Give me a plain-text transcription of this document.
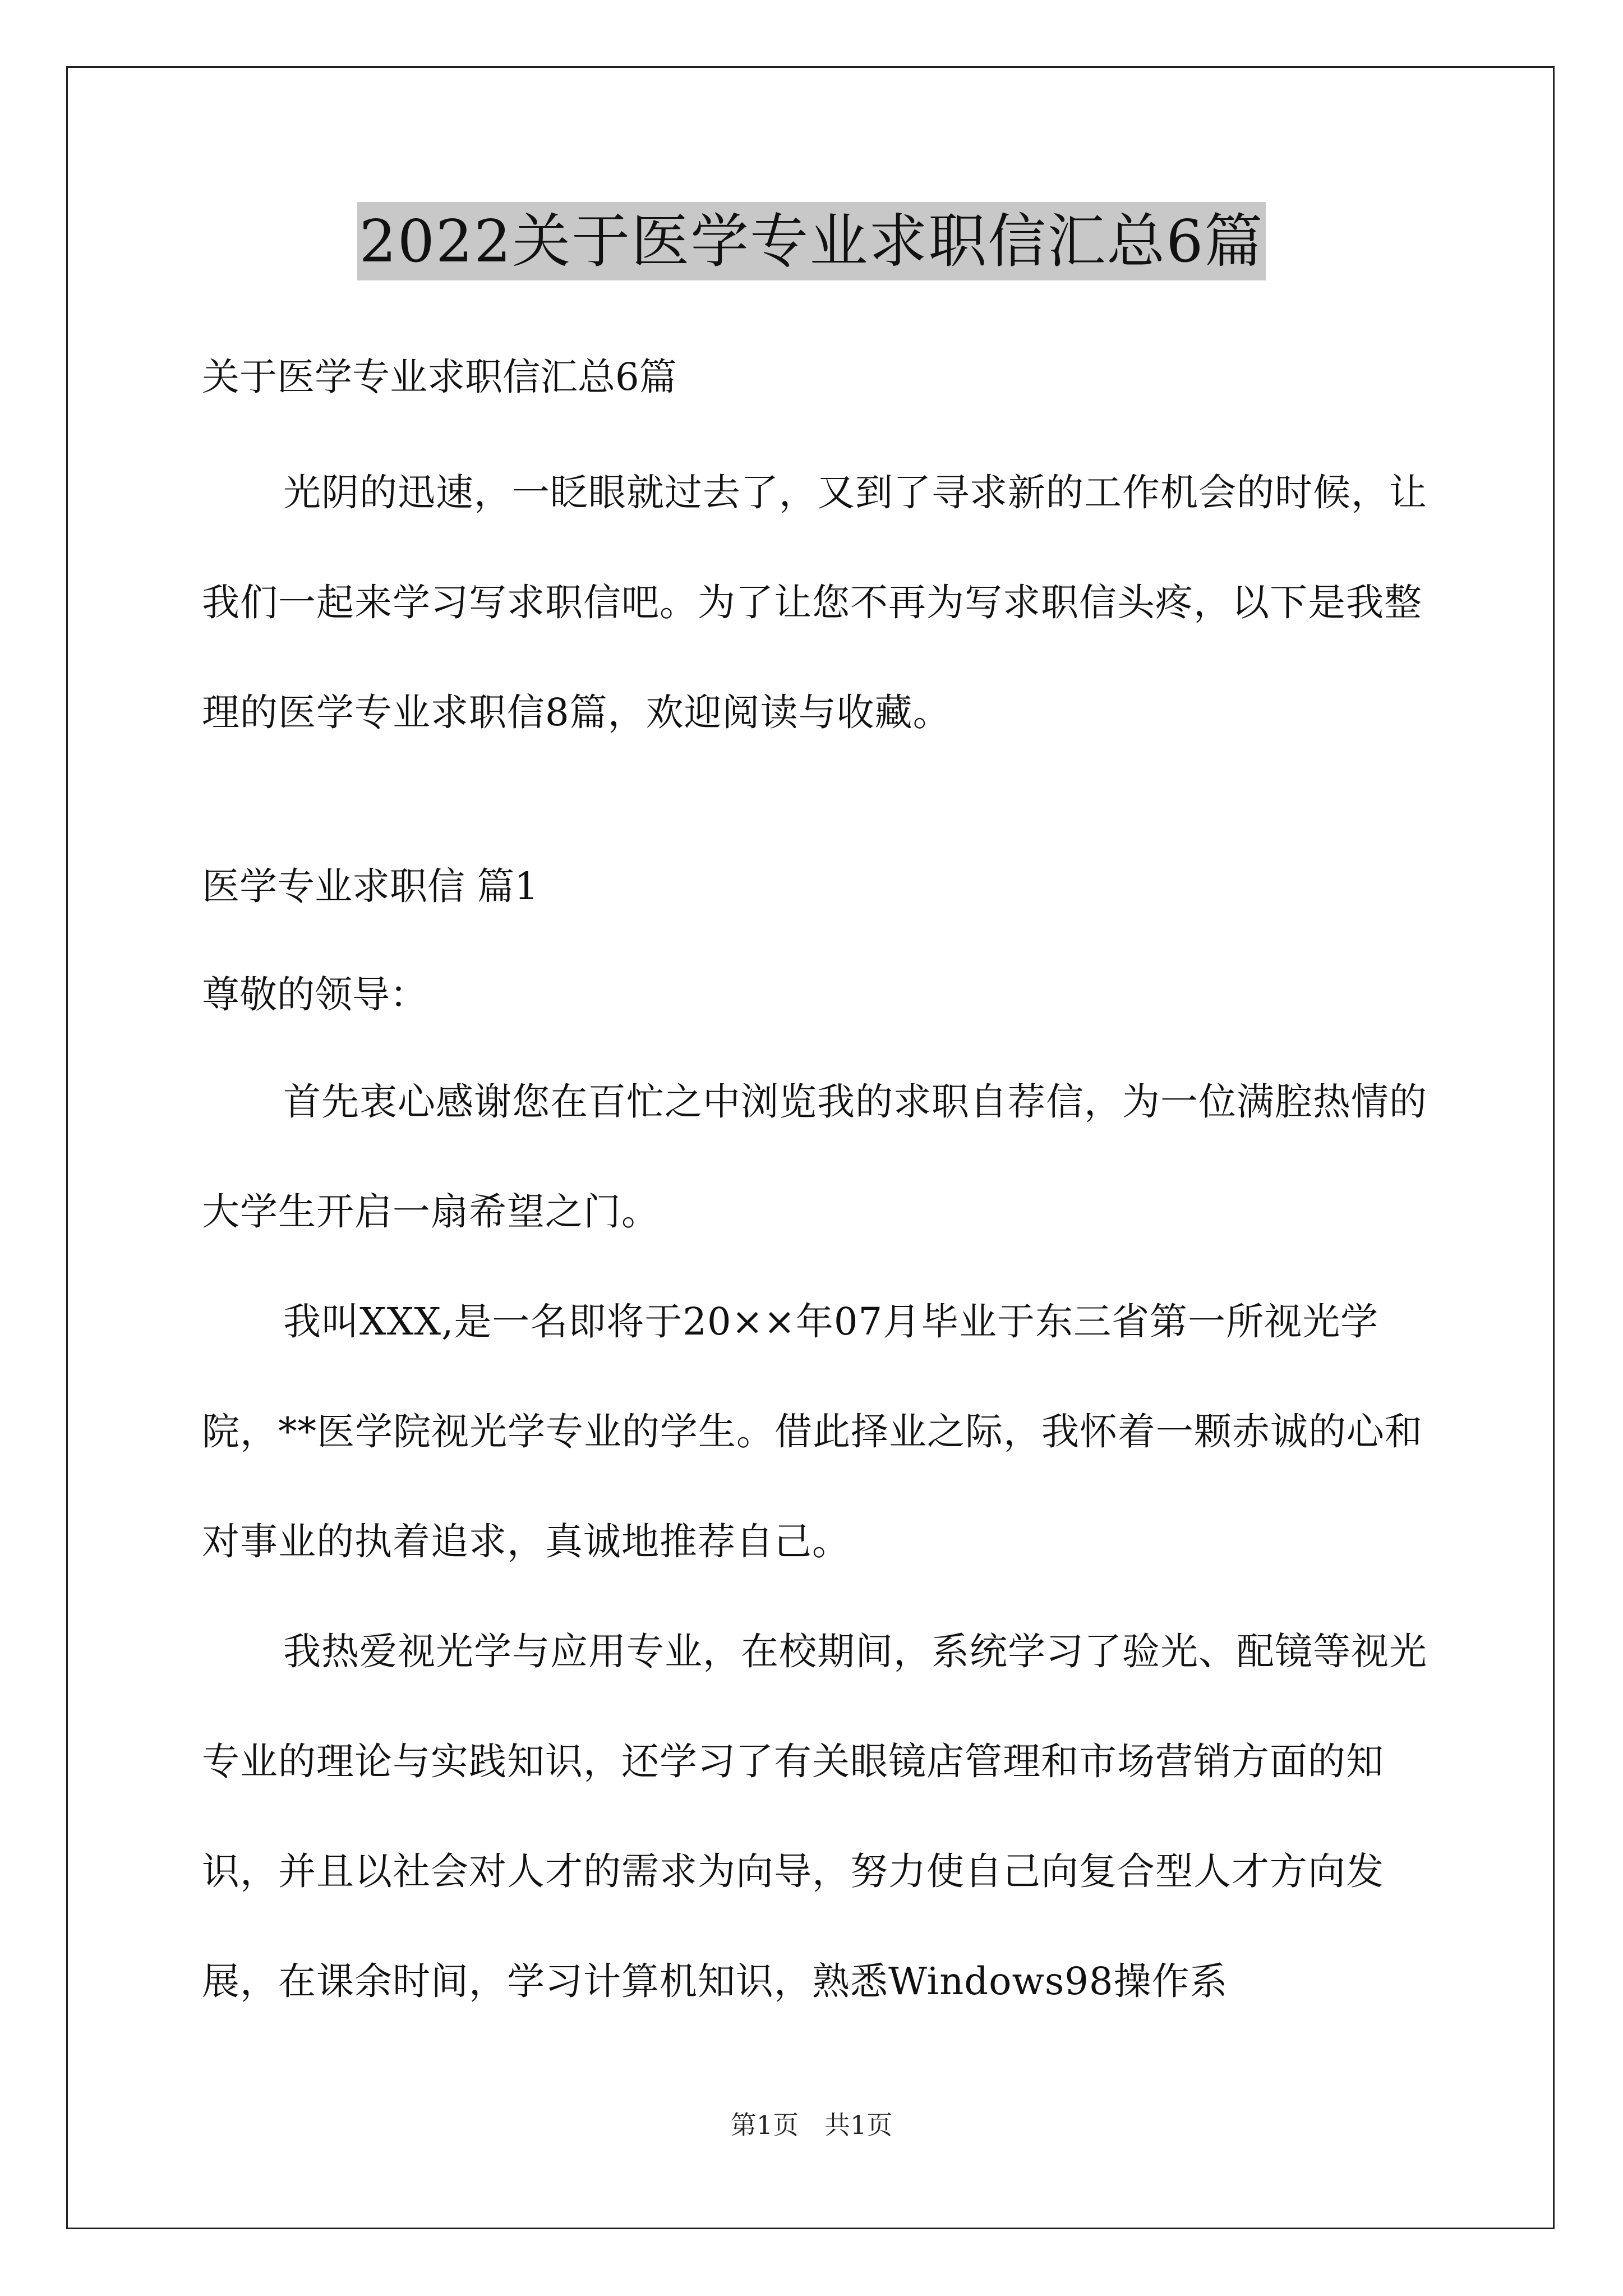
2022关于医学专业求职信汇总6篇

关于医学专业求职信汇总6篇

光阴的迅速，一眨眼就过去了，又到了寻求新的工作机会的时候，让我们一起来学习写求职信吧。为了让您不再为写求职信头疼，以下是我整理的医学专业求职信8篇，欢迎阅读与收藏。

医学专业求职信 篇1

尊敬的领导：

首先衷心感谢您在百忙之中浏览我的求职自荐信，为一位满腔热情的大学生开启一扇希望之门。

我叫XXX,是一名即将于20××年07月毕业于东三省第一所视光学院，**医学院视光学专业的学生。借此择业之际，我怀着一颗赤诚的心和对事业的执着追求，真诚地推荐自己。

我热爱视光学与应用专业，在校期间，系统学习了验光、配镜等视光专业的理论与实践知识，还学习了有关眼镜店管理和市场营销方面的知识，并且以社会对人才的需求为向导，努力使自己向复合型人才方向发展，在课余时间，学习计算机知识，熟悉Windows98操作系

第1页　共1页
